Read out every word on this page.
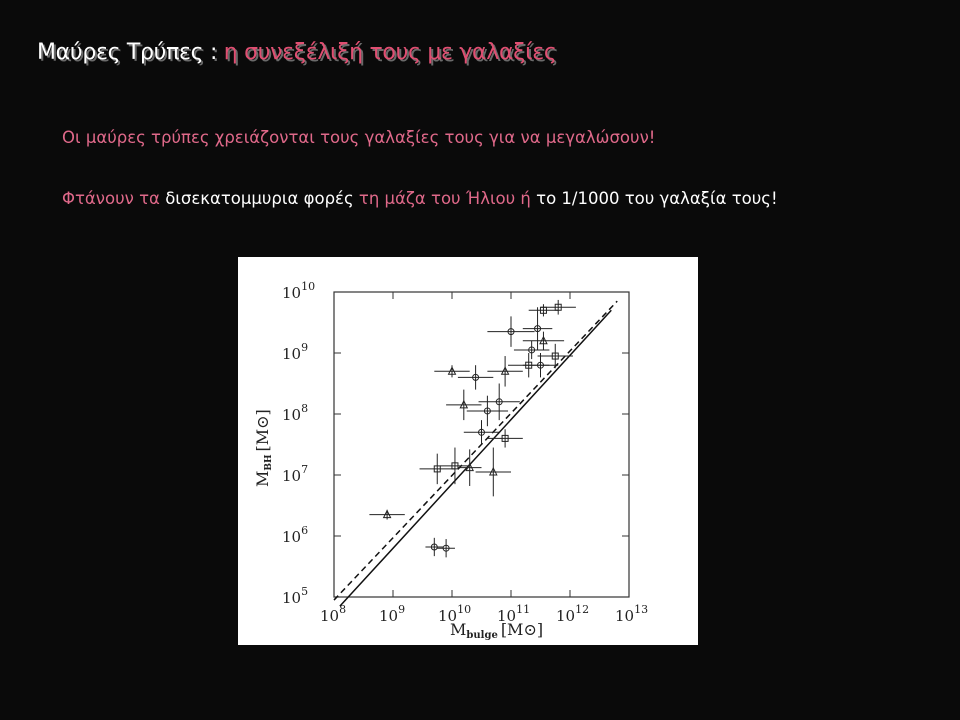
Μαύρες Τρύπες : η συνεξέλιξή τους με γαλαξίες
Οι μαύρες τρύπες χρειάζονται τους γαλαξίες τους για να μεγαλώσουν!
Φτάνουν τα δισεκατομμυρια φορές τη μάζα του Ήλιου ή το 1/1000 του γαλαξία τους!
$10^8$ $10^9$ $10^{10}$ $10^{11}$ $10^{12}$ $10^{13}$
$10^5$
$10^6$
$10^7$
$10^8$
$10^9$
$10^{10}$
Mbulge [M⊙]
MBH[M⊙]
